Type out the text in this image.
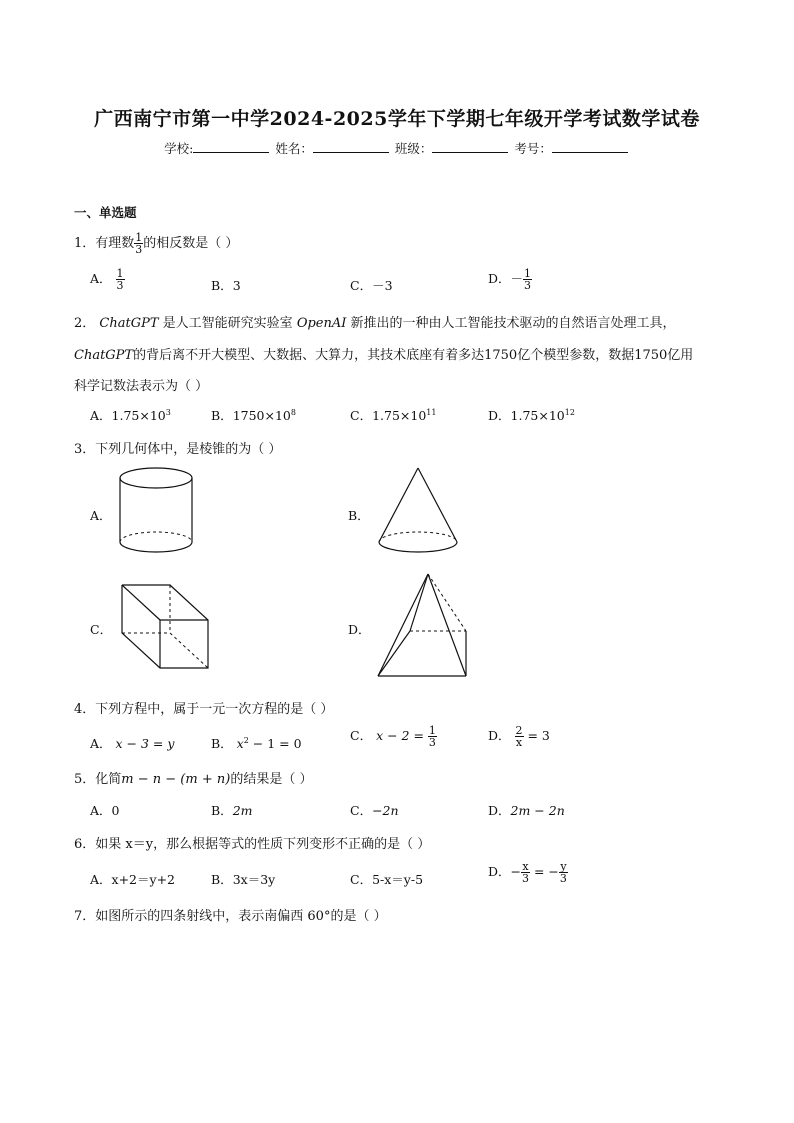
广西南宁市第一中学2024-2025学年下学期七年级开学考试数学试卷
学校:	姓名：	班级：	考号：
一、单选题
1．有理数 $\frac{1}{3}$ 的相反数是（ ）
A． $\frac{1}{3}$	B．3	C．－3	D．－ $\frac{1}{3}$
2． ChatGPT 是人工智能研究实验室 OpenAI 新推出的一种由人工智能技术驱动的自然语言处理工具，
ChatGPT的背后离不开大模型、大数据、大算力，其技术底座有着多达1750亿个模型参数，数据1750亿用
科学记数法表示为（ ）
A．$1.75\times 10^3$	B．$1750\times 10^8$	C．$1.75\times 10^{11}$	D．$1.75\times 10^{12}$
3．下列几何体中，是棱锥的为（ ）
A．	B．
C．	D．
4．下列方程中，属于一元一次方程的是（ ）
A． x − 3 = y	B． $x^2 - 1 = 0$
C． $x - 2 = \frac{1}{3}$	D． $\frac{2}{x} = 3$
5．化简m − n − (m + n)的结果是（ ）
A．0	B．2m	C．−2n	D．2m − 2n
6．如果 x＝y，那么根据等式的性质下列变形不正确的是（ ）
A．x+2＝y+2	B．3x＝3y	C．5-x＝y-5
D．− $\frac{x}{3}$ = − $\frac{y}{3}$
7．如图所示的四条射线中，表示南偏西 60°的是（ ）
